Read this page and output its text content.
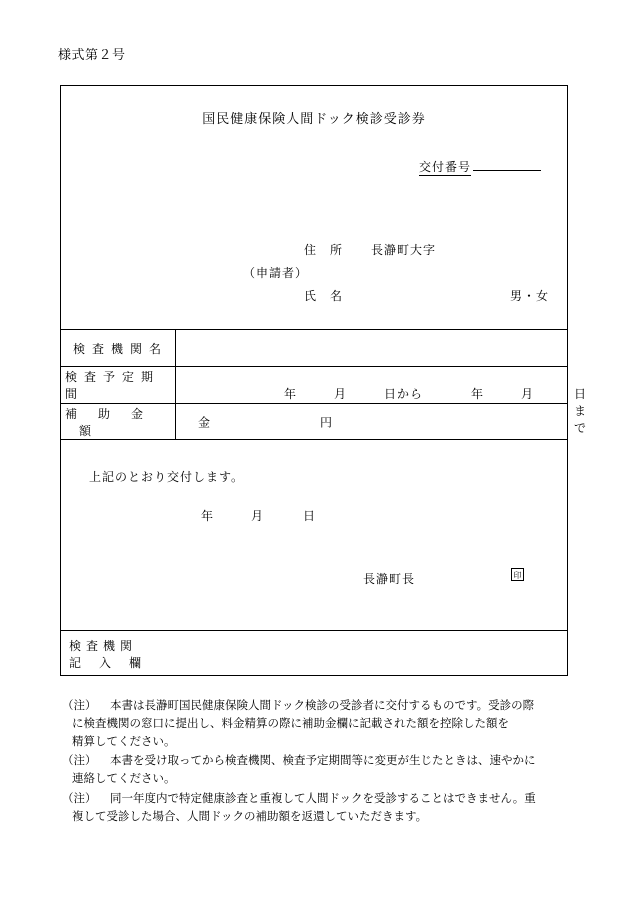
様式第２号
国民健康保険人間ドック検診受診券
交付番号
住　所 長瀞町大字
（申請者）
氏　名	男・女
検 査 機 関 名
検 査 予 定 期 間	年	月	日から	年	月	日まで
補 　助 　金 　額
金	円
上記のとおり交付します。
年	月	日
長瀞町長	印
検 査 機 関
記 　入 　欄
（注） 本書は長瀞町国民健康保険人間ドック検診の受診者に交付するものです。受診の際
に検査機関の窓口に提出し、料金精算の際に補助金欄に記載された額を控除した額を
精算してください。
（注） 本書を受け取ってから検査機関、検査予定期間等に変更が生じたときは、速やかに
連絡してください。
（注） 同一年度内で特定健康診査と重複して人間ドックを受診することはできません。重
複して受診した場合、人間ドックの補助額を返還していただきます。
